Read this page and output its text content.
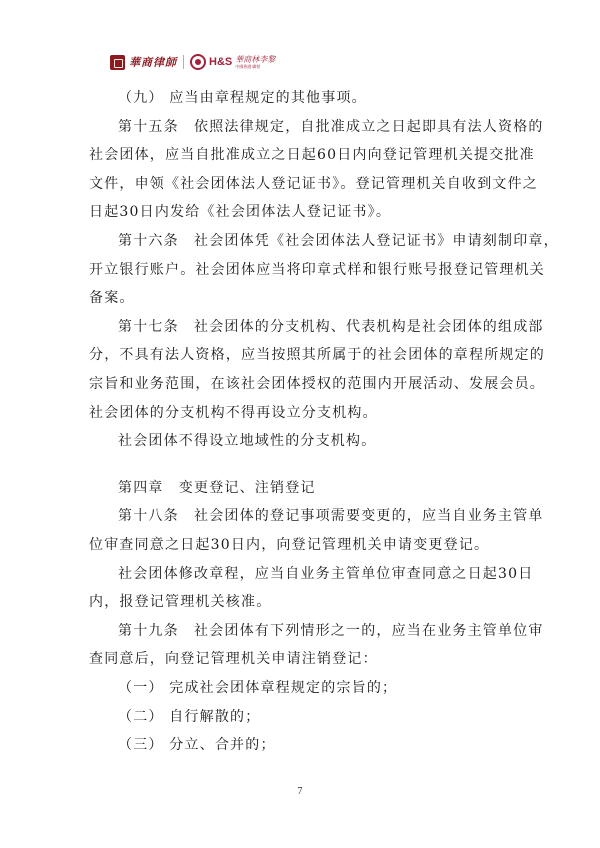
華商律師	H&S 華商林李黎
中國香港 聯營
（九） 应当由章程规定的其他事项。
第十五条　依照法律规定，自批准成立之日起即具有法人资格的
社会团体，应当自批准成立之日起60日内向登记管理机关提交批准
文件，申领《社会团体法人登记证书》。登记管理机关自收到文件之
日起30日内发给《社会团体法人登记证书》。
第十六条　社会团体凭《社会团体法人登记证书》申请刻制印章，
开立银行账户。社会团体应当将印章式样和银行账号报登记管理机关
备案。
第十七条　社会团体的分支机构、代表机构是社会团体的组成部
分，不具有法人资格，应当按照其所属于的社会团体的章程所规定的
宗旨和业务范围，在该社会团体授权的范围内开展活动、发展会员。
社会团体的分支机构不得再设立分支机构。
社会团体不得设立地域性的分支机构。
第四章　变更登记、注销登记
第十八条　社会团体的登记事项需要变更的，应当自业务主管单
位审查同意之日起30日内，向登记管理机关申请变更登记。
社会团体修改章程，应当自业务主管单位审查同意之日起30日
内，报登记管理机关核准。
第十九条　社会团体有下列情形之一的，应当在业务主管单位审
查同意后，向登记管理机关申请注销登记：
（一） 完成社会团体章程规定的宗旨的；
（二） 自行解散的；
（三） 分立、合并的；
7
